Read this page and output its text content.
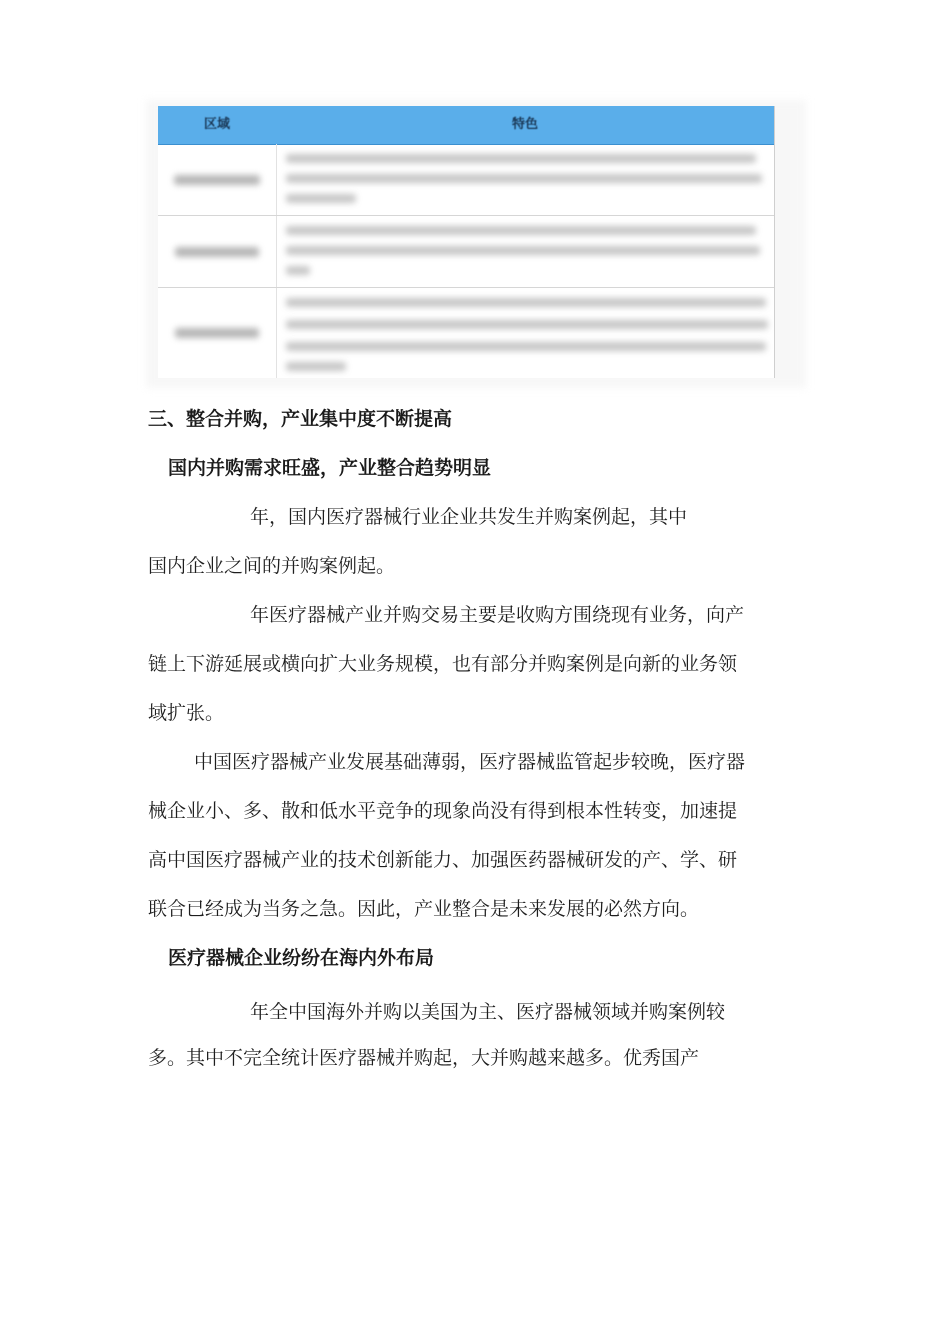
区域	特色
三、整合并购，产业集中度不断提高
国内并购需求旺盛，产业整合趋势明显

年，国内医疗器械行业企业共发生并购案例起，其中

国内企业之间的并购案例起。

年医疗器械产业并购交易主要是收购方围绕现有业务，向产

链上下游延展或横向扩大业务规模，也有部分并购案例是向新的业务领

域扩张。

中国医疗器械产业发展基础薄弱，医疗器械监管起步较晚，医疗器

械企业小、多、散和低水平竞争的现象尚没有得到根本性转变，加速提

高中国医疗器械产业的技术创新能力、加强医药器械研发的产、学、研

联合已经成为当务之急。因此，产业整合是未来发展的必然方向。

医疗器械企业纷纷在海内外布局

年全中国海外并购以美国为主、医疗器械领域并购案例较

多。其中不完全统计医疗器械并购起，大并购越来越多。优秀国产
